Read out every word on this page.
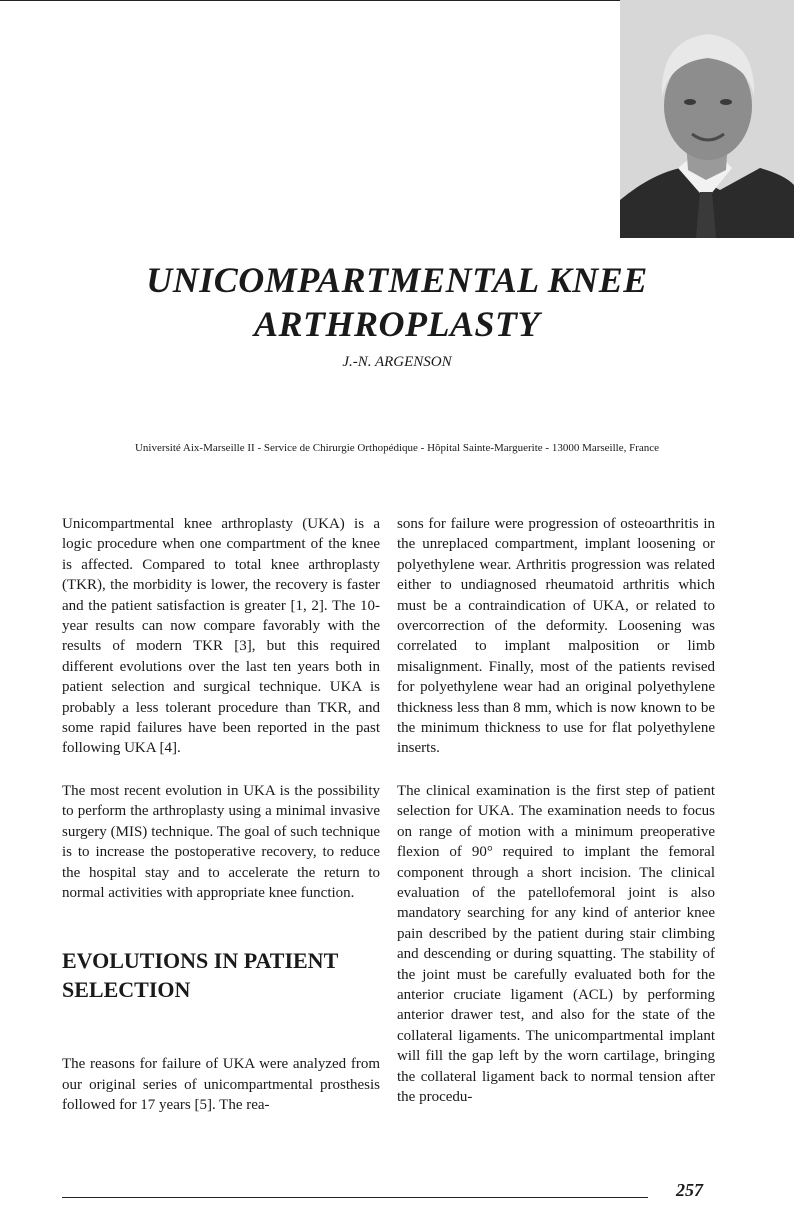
UNICOMPARTMENTAL KNEE
ARTHROPLASTY
J.-N. ARGENSON
Université Aix-Marseille II - Service de Chirurgie Orthopédique - Hôpital Sainte-Marguerite - 13000 Marseille, France

Unicompartmental knee arthroplasty (UKA) is a logic procedure when one compartment of the knee is affected. Compared to total knee arthroplasty (TKR), the morbidity is lower, the recovery is faster and the patient satisfaction is greater [1, 2]. The 10-year results can now compare favorably with the results of modern TKR [3], but this required different evolutions over the last ten years both in patient selection and surgical technique. UKA is probably a less tolerant procedure than TKR, and some rapid failures have been reported in the past following UKA [4].

The most recent evolution in UKA is the possibility to perform the arthroplasty using a minimal invasive surgery (MIS) technique. The goal of such technique is to increase the postoperative recovery, to reduce the hospital stay and to accelerate the return to normal activities with appropriate knee function.

EVOLUTIONS IN PATIENT SELECTION

The reasons for failure of UKA were analyzed from our original series of unicompartmental prosthesis followed for 17 years [5]. The rea-

sons for failure were progression of osteoarthritis in the unreplaced compartment, implant loosening or polyethylene wear. Arthritis progression was related either to undiagnosed rheumatoid arthritis which must be a contraindication of UKA, or related to overcorrection of the deformity. Loosening was correlated to implant malposition or limb misalignment. Finally, most of the patients revised for polyethylene wear had an original polyethylene thickness less than 8 mm, which is now known to be the minimum thickness to use for flat polyethylene inserts.

The clinical examination is the first step of patient selection for UKA. The examination needs to focus on range of motion with a minimum preoperative flexion of 90° required to implant the femoral component through a short incision. The clinical evaluation of the patellofemoral joint is also mandatory searching for any kind of anterior knee pain described by the patient during stair climbing and descending or during squatting. The stability of the joint must be carefully evaluated both for the anterior cruciate ligament (ACL) by performing anterior drawer test, and also for the state of the collateral ligaments. The unicompartmental implant will fill the gap left by the worn cartilage, bringing the collateral ligament back to normal tension after the procedu-

257
